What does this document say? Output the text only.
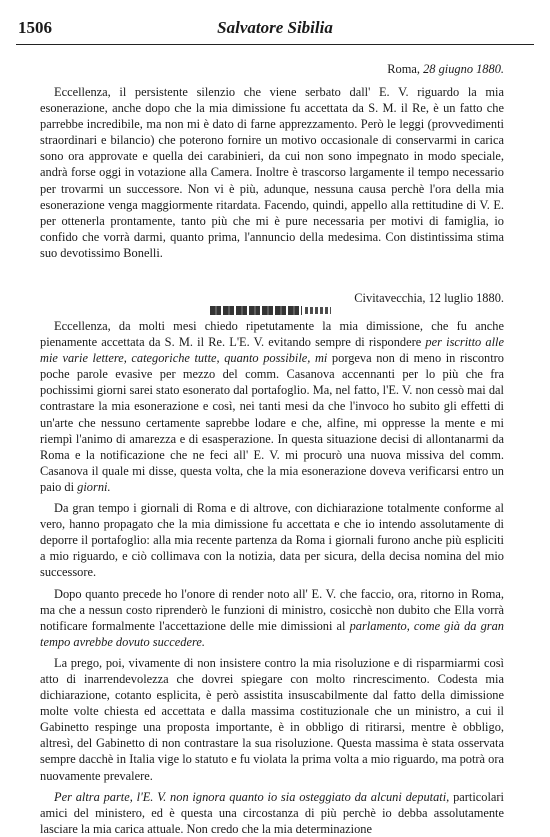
1506	Salvatore Sibilia
Roma, 28 giugno 1880.

Eccellenza, il persistente silenzio che viene serbato dall' E. V. riguardo la mia esonerazione, anche dopo che la mia dimissione fu accettata da S. M. il Re, è un fatto che parrebbe incredibile, ma non mi è dato di farne apprezzamento. Però le leggi (provvedimenti straordinari e bilancio) che poterono fornire un motivo occasionale di conservarmi in carica sono ora approvate e quella dei carabinieri, da cui non sono impegnato in modo speciale, andrà forse oggi in votazione alla Camera. Inoltre è trascorso largamente il tempo necessario per trovarmi un successore. Non vi è più, adunque, nessuna causa perchè l'ora della mia esonerazione venga maggiormente ritardata. Facendo, quindi, appello alla rettitudine di V. E. per ottenerla prontamente, tanto più che mi è pure necessaria per motivi di famiglia, io confido che vorrà darmi, quanto prima, l'annuncio della medesima. Con distintissima stima suo devotissimo Bonelli.

Civitavecchia, 12 luglio 1880.

Eccellenza, da molti mesi chiedo ripetutamente la mia dimissione, che fu anche pienamente accettata da S. M. il Re. L'E. V. evitando sempre di rispondere per iscritto alle mie varie lettere, categoriche tutte, quanto possibile, mi porgeva non di meno in riscontro poche parole evasive per mezzo del comm. Casanova accennanti per lo più che fra pochissimi giorni sarei stato esonerato dal portafoglio. Ma, nel fatto, l'E. V. non cessò mai dal contrastare la mia esonerazione e così, nei tanti mesi da che l'invoco ho subito gli effetti di un'arte che nessuno certamente saprebbe lodare e che, alfine, mi oppresse la mente e mi riempì l'animo di amarezza e di esasperazione. In questa situazione decisi di allontanarmi da Roma e la notificazione che ne feci all' E. V. mi procurò una nuova missiva del comm. Casanova il quale mi disse, questa volta, che la mia esonerazione doveva verificarsi entro un paio di giorni.

Da gran tempo i giornali di Roma e di altrove, con dichiarazione totalmente conforme al vero, hanno propagato che la mia dimissione fu accettata e che io intendo assolutamente di deporre il portafoglio: alla mia recente partenza da Roma i giornali furono anche più espliciti a mio riguardo, e ciò collimava con la notizia, data per sicura, della decisa nomina del mio successore.

Dopo quanto precede ho l'onore di render noto all' E. V. che faccio, ora, ritorno in Roma, ma che a nessun costo riprenderò le funzioni di ministro, cosicchè non dubito che Ella vorrà notificare formalmente l'accettazione delle mie dimissioni al parlamento, come già da gran tempo avrebbe dovuto succedere.

La prego, poi, vivamente di non insistere contro la mia risoluzione e di risparmiarmi così atto di inarrendevolezza che dovrei spiegare con molto rincrescimento. Codesta mia dichiarazione, cotanto esplicita, è però assistita insuscabilmente dal fatto della dimissione molte volte chiesta ed accettata e dalla massima costituzionale che un ministro, a cui il Gabinetto respinge una proposta importante, è in obbligo di ritirarsi, mentre è obbligo, altresì, del Gabinetto di non contrastare la sua risoluzione. Questa massima è stata osservata sempre dacchè in Italia vige lo statuto e fu violata la prima volta a mio riguardo, ma potrà ora nuovamente prevalere.

Per altra parte, l'E. V. non ignora quanto io sia osteggiato da alcuni deputati, particolari amici del ministero, ed è questa una circostanza di più perchè io debba assolutamente lasciare la mia carica attuale. Non credo che la mia determinazione
